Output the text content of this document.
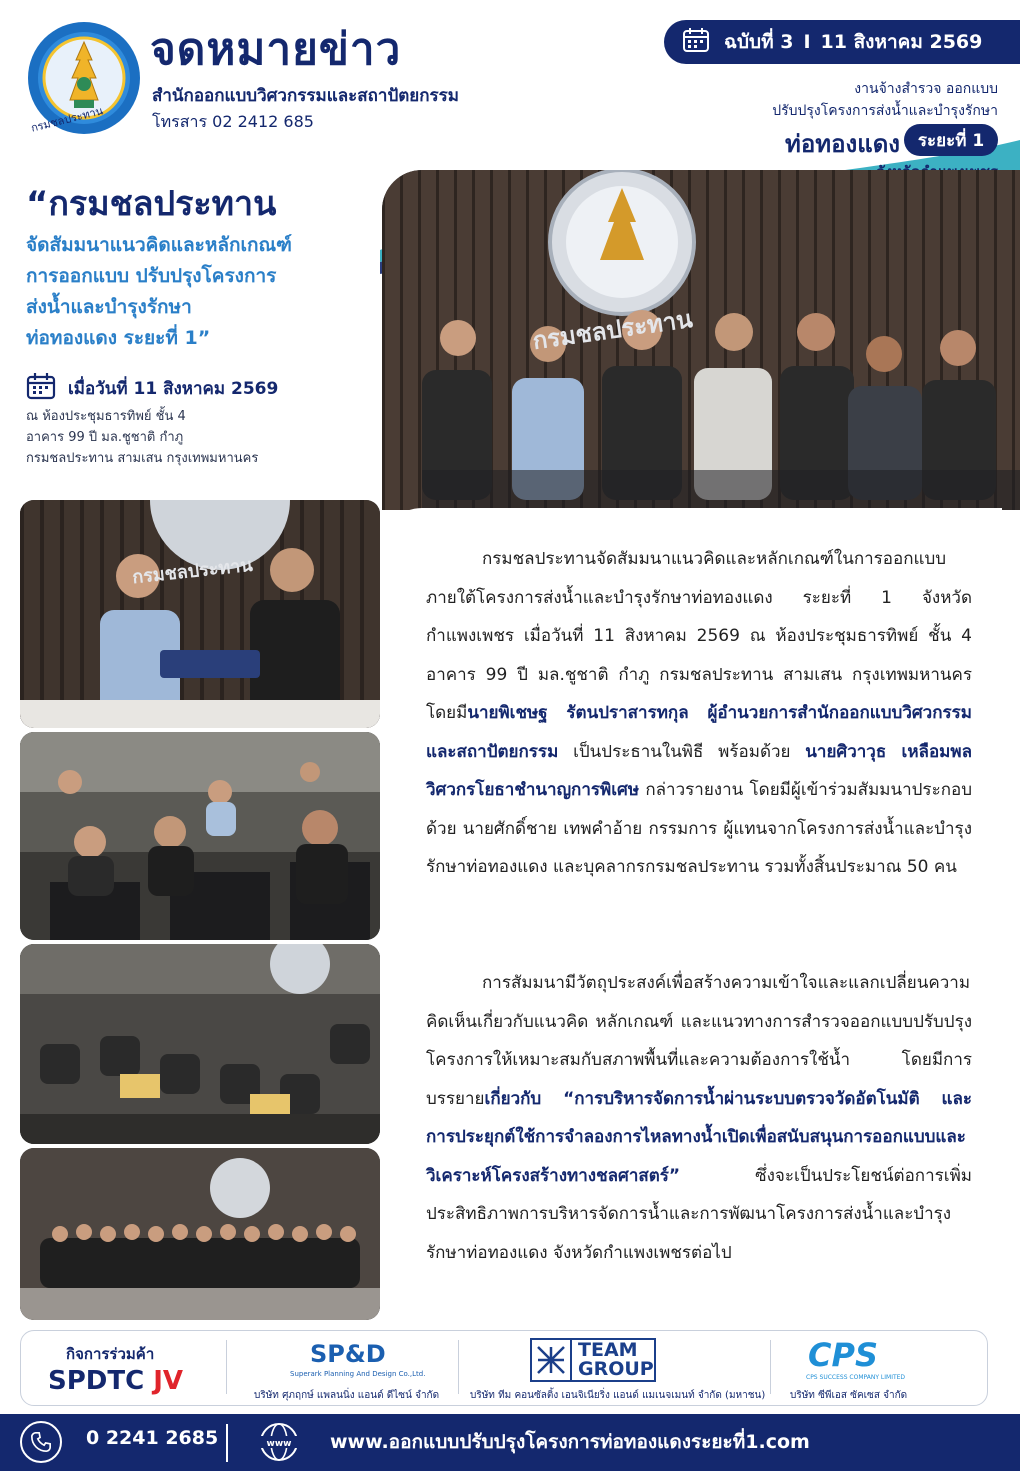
กรมชลประทาน
จดหมายข่าว
สำนักออกแบบวิศวกรรมและสถาปัตยกรรม
โทรสาร 02 2412 685
ฉบับที่ 3 I 11 สิงหาคม 2569
งานจ้างสำรวจ ออกแบบ
ปรับปรุงโครงการส่งน้ำและบำรุงรักษา
ท่อทองแดง	ระยะที่ 1
“กรมชลประทาน
จัดสัมมนาแนวคิดและหลักเกณฑ์
การออกแบบ ปรับปรุงโครงการ
ส่งน้ำและบำรุงรักษา
ท่อทองแดง ระยะที่ 1”
เมื่อวันที่ 11 สิงหาคม 2569
ณ ห้องประชุมธารทิพย์ ชั้น 4
อาคาร 99 ปี มล.ชูชาติ กำภู
กรมชลประทาน สามเสน กรุงเทพมหานคร
กรมชลประทาน
กรมชลประทาน	กรมชลประทานจัดสัมมนาแนวคิดและหลักเกณฑ์ในการออกแบบ ภายใต้โครงการส่งน้ำและบำรุงรักษาท่อทองแดง ระยะที่ 1 จังหวัดกำแพงเพชร เมื่อวันที่ 11 สิงหาคม 2569 ณ ห้องประชุมธารทิพย์ ชั้น 4 อาคาร 99 ปี มล.ชูชาติ กำภู กรมชลประทาน สามเสน กรุงเทพมหานคร โดยมีนายพิเชษฐ รัตนปราสารทกุล ผู้อำนวยการสำนักออกแบบวิศวกรรมและสถาปัตยกรรม เป็นประธานในพิธี พร้อมด้วย นายศิวาวุธ เหลือมพล วิศวกรโยธาชำนาญการพิเศษ กล่าวรายงาน โดยมีผู้เข้าร่วมสัมมนาประกอบด้วย นายศักดิ์ชาย เทพคำอ้าย กรรมการ ผู้แทนจากโครงการส่งน้ำและบำรุงรักษาท่อทองแดง และบุคลากรกรมชลประทาน รวมทั้งสิ้นประมาณ 50 คน

การสัมมนามีวัตถุประสงค์เพื่อสร้างความเข้าใจและแลกเปลี่ยนความคิดเห็นเกี่ยวกับแนวคิด หลักเกณฑ์ และแนวทางการสำรวจออกแบบปรับปรุงโครงการให้เหมาะสมกับสภาพพื้นที่และความต้องการใช้น้ำ โดยมีการบรรยายเกี่ยวกับ “การบริหารจัดการน้ำผ่านระบบตรวจวัดอัตโนมัติ และ การประยุกต์ใช้การจำลองการไหลทางน้ำเปิดเพื่อสนับสนุนการออกแบบและวิเคราะห์โครงสร้างทางชลศาสตร์” ซึ่งจะเป็นประโยชน์ต่อการเพิ่มประสิทธิภาพการบริหารจัดการน้ำและการพัฒนาโครงการส่งน้ำและบำรุงรักษาท่อทองแดง จังหวัดกำแพงเพชรต่อไป

กิจการร่วมค้า
SPDTC JV
SP&D
Superark Planning And Design Co.,Ltd.
บริษัท ศุภฤกษ์ แพลนนิ่ง แอนด์ ดีไซน์ จำกัด
TEAM
GROUP
บริษัท ทีม คอนซัลติ้ง เอนจิเนียริ่ง แอนด์ แมเนจเมนท์ จำกัด (มหาชน)
CPS
CPS SUCCESS COMPANY LIMITED
บริษัท ซีพีเอส ซัคเซส จำกัด
0 2241 2685	www www.ออกแบบปรับปรุงโครงการท่อทองแดงระยะที่1.com
